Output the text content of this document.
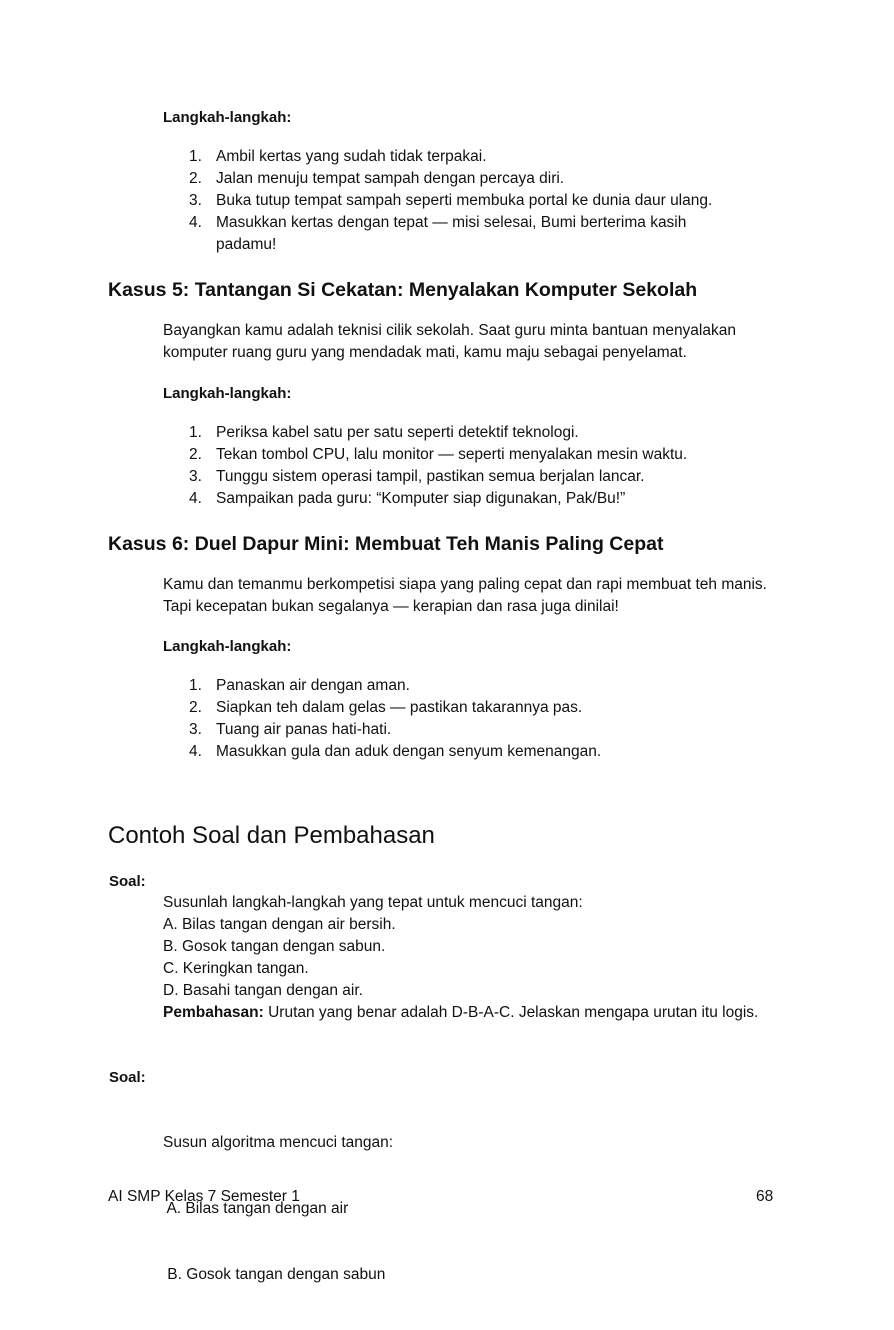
Langkah-langkah:
1. Ambil kertas yang sudah tidak terpakai.
2. Jalan menuju tempat sampah dengan percaya diri.
3. Buka tutup tempat sampah seperti membuka portal ke dunia daur ulang.
4. Masukkan kertas dengan tepat — misi selesai, Bumi berterima kasih padamu!
Kasus 5: Tantangan Si Cekatan: Menyalakan Komputer Sekolah
Bayangkan kamu adalah teknisi cilik sekolah. Saat guru minta bantuan menyalakan komputer ruang guru yang mendadak mati, kamu maju sebagai penyelamat.
Langkah-langkah:
1. Periksa kabel satu per satu seperti detektif teknologi.
2. Tekan tombol CPU, lalu monitor — seperti menyalakan mesin waktu.
3. Tunggu sistem operasi tampil, pastikan semua berjalan lancar.
4. Sampaikan pada guru: “Komputer siap digunakan, Pak/Bu!”
Kasus 6: Duel Dapur Mini: Membuat Teh Manis Paling Cepat
Kamu dan temanmu berkompetisi siapa yang paling cepat dan rapi membuat teh manis. Tapi kecepatan bukan segalanya — kerapian dan rasa juga dinilai!
Langkah-langkah:
1. Panaskan air dengan aman.
2. Siapkan teh dalam gelas — pastikan takarannya pas.
3. Tuang air panas hati-hati.
4. Masukkan gula dan aduk dengan senyum kemenangan.
Contoh Soal dan Pembahasan
Soal:
Susunlah langkah-langkah yang tepat untuk mencuci tangan:
A. Bilas tangan dengan air bersih.
B. Gosok tangan dengan sabun.
C. Keringkan tangan.
D. Basahi tangan dengan air.
Pembahasan: Urutan yang benar adalah D-B-A-C. Jelaskan mengapa urutan itu logis.
Soal:

Susun algoritma mencuci tangan:

A. Bilas tangan dengan air

B. Gosok tangan dengan sabun

AI SMP Kelas 7 Semester 1	68
